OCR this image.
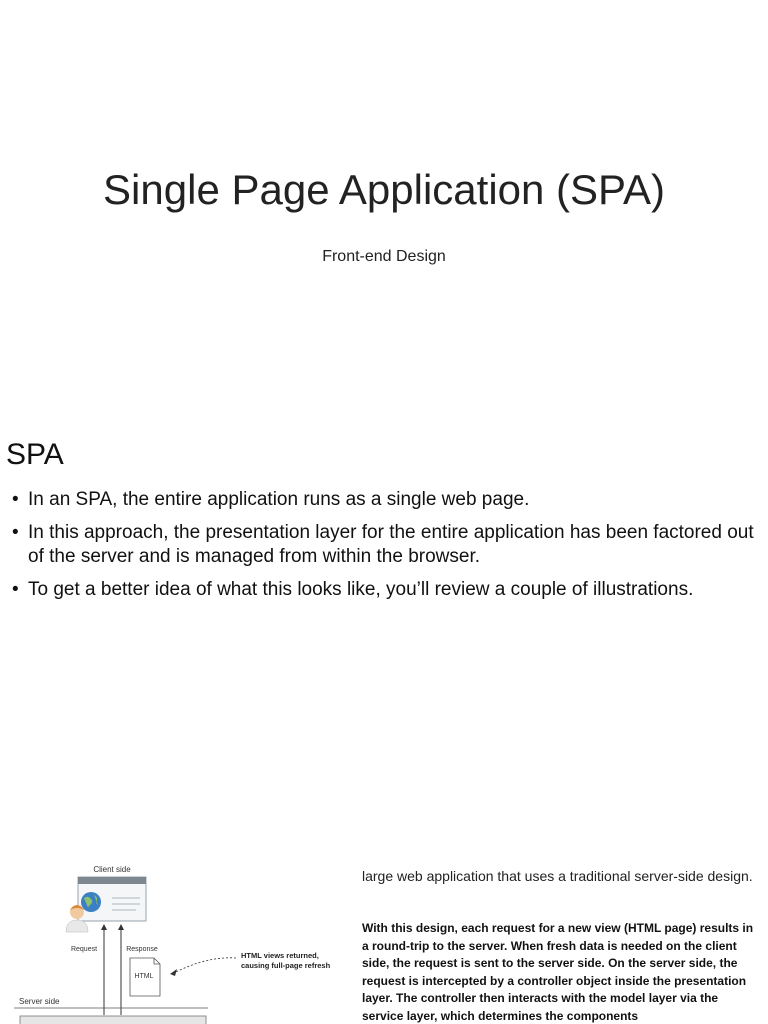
Single Page Application (SPA)
Front-end Design
SPA
• In an SPA, the entire application runs as a single web page.
• In this approach, the presentation layer for the entire application has been factored out of the server and is managed from within the browser.
• To get a better idea of what this looks like, you’ll review a couple of illustrations.
Client side
Request	Response
HTML
HTML views returned,
causing full-page refresh
Server side
large web application that uses a traditional server-side design.
With this design, each request for a new view (HTML page) results in a round-trip to the server. When fresh data is needed on the client side, the request is sent to the server side. On the server side, the request is intercepted by a controller object inside the presentation layer. The controller then interacts with the model layer via the service layer, which determines the components
